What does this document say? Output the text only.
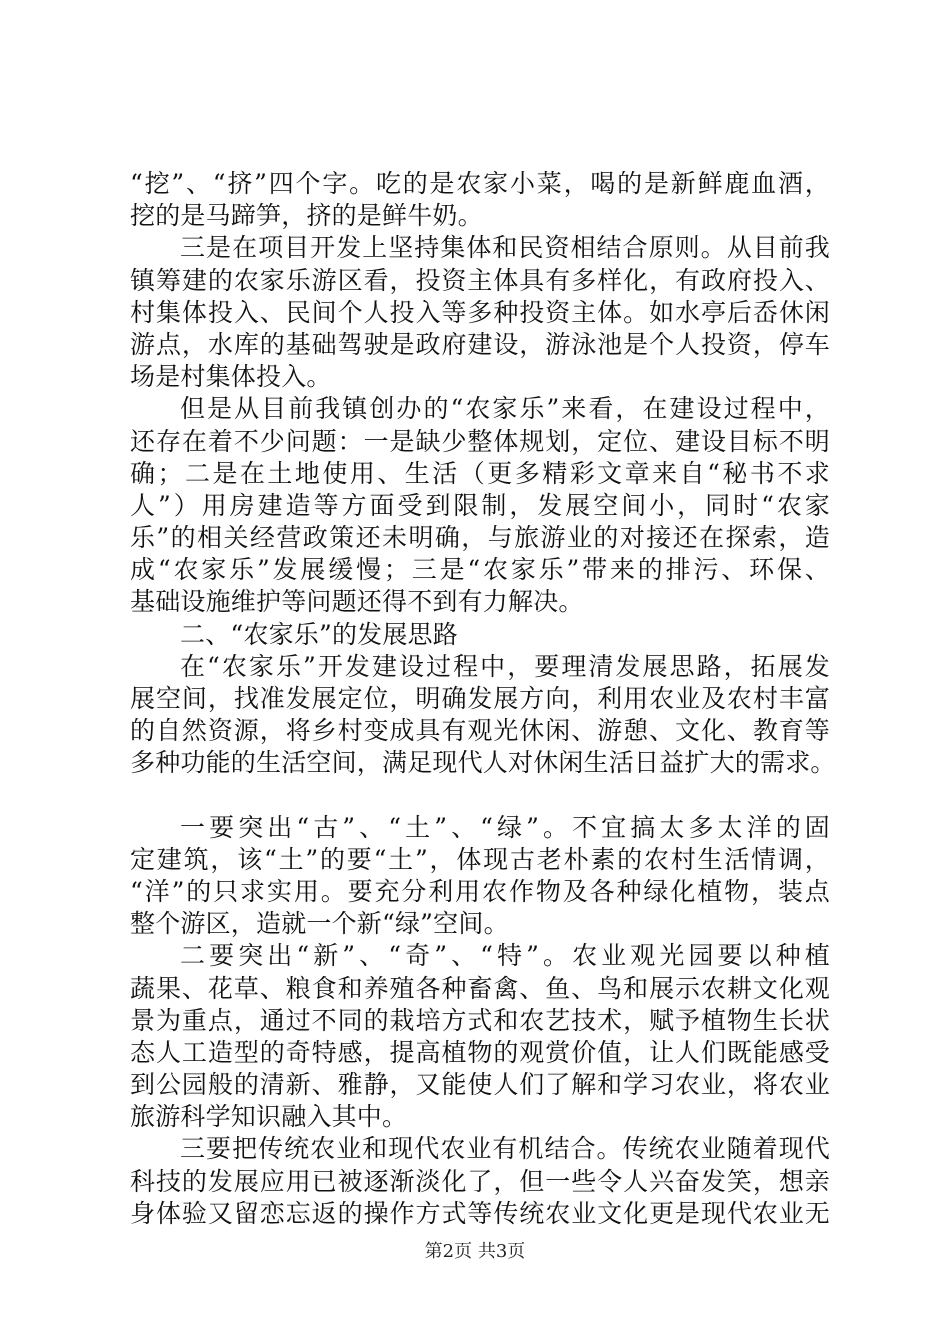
“挖”、“挤”四个字。吃的是农家小菜，喝的是新鲜鹿血酒，
挖的是马蹄笋，挤的是鲜牛奶。
三是在项目开发上坚持集体和民资相结合原则。从目前我
镇筹建的农家乐游区看，投资主体具有多样化，有政府投入、
村集体投入、民间个人投入等多种投资主体。如水亭后岙休闲
游点，水库的基础驾驶是政府建设，游泳池是个人投资，停车
场是村集体投入。
但是从目前我镇创办的“农家乐”来看，在建设过程中，
还存在着不少问题：一是缺少整体规划，定位、建设目标不明
确；二是在土地使用、生活（更多精彩文章来自“秘书不求
人”）用房建造等方面受到限制，发展空间小，同时“农家
乐”的相关经营政策还未明确，与旅游业的对接还在探索，造
成“农家乐”发展缓慢；三是“农家乐”带来的排污、环保、
基础设施维护等问题还得不到有力解决。
二、“农家乐”的发展思路
在“农家乐”开发建设过程中，要理清发展思路，拓展发
展空间，找准发展定位，明确发展方向，利用农业及农村丰富
的自然资源，将乡村变成具有观光休闲、游憩、文化、教育等
多种功能的生活空间，满足现代人对休闲生活日益扩大的需求。
一要突出“古”、“土”、“绿”。不宜搞太多太洋的固
定建筑，该“土”的要“土”，体现古老朴素的农村生活情调，
“洋”的只求实用。要充分利用农作物及各种绿化植物，装点
整个游区，造就一个新“绿”空间。
二要突出“新”、“奇”、“特”。农业观光园要以种植
蔬果、花草、粮食和养殖各种畜禽、鱼、鸟和展示农耕文化观
景为重点，通过不同的栽培方式和农艺技术，赋予植物生长状
态人工造型的奇特感，提高植物的观赏价值，让人们既能感受
到公园般的清新、雅静，又能使人们了解和学习农业，将农业
旅游科学知识融入其中。
三要把传统农业和现代农业有机结合。传统农业随着现代
科技的发展应用已被逐渐淡化了，但一些令人兴奋发笑，想亲
身体验又留恋忘返的操作方式等传统农业文化更是现代农业无
第2页 共3页
